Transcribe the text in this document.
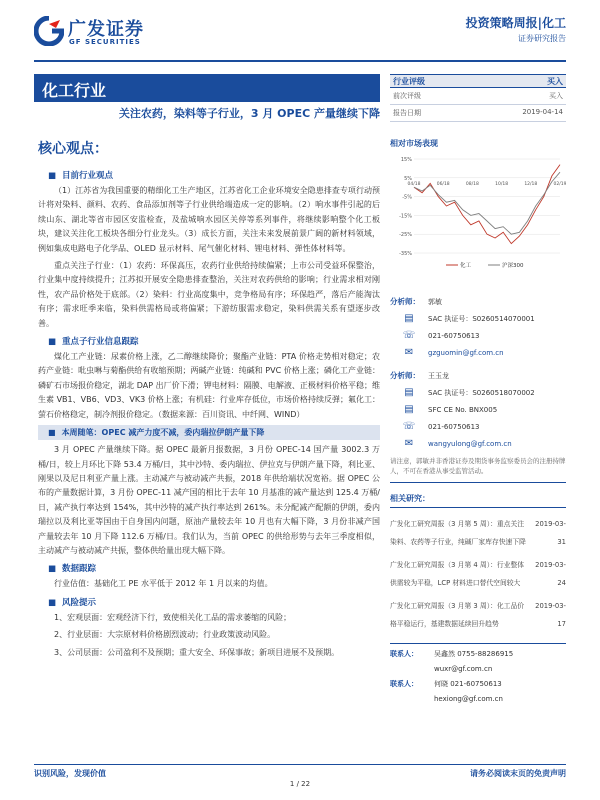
广发证券
GF SECURITIES
投资策略周报|化工
证券研究报告
化工行业
关注农药，染料等子行业，3 月 OPEC 产量继续下降
核心观点：
■ 目前行业观点

（1）江苏省为我国重要的精细化工生产地区，江苏省化工企业环境安全隐患排查专项行动预计将对染料、颜料、农药、食品添加剂等子行业供给端造成一定的影响。（2）响水事件引起的后续山东、湖北等省市园区安监检查，及盐城响水园区关停等系列事件，将继续影响整个化工板块，建议关注化工板块各细分行业龙头。（3）成长方面，关注未来发展前景广阔的新材料领域，例如集成电路电子化学品、OLED 显示材料、尾气催化材料、锂电材料、弹性体材料等。

重点关注子行业：（1）农药：环保高压，农药行业供给持续偏紧；上市公司受益环保整治，行业集中度持续提升；江苏拟开展安全隐患排查整治，关注对农药供给的影响；行业需求相对刚性，农产品价格处于底部。（2）染料：行业高度集中，竞争格局有序；环保趋严，落后产能淘汰有序；需求旺季来临，染料供需格局或将偏紧；下游纺服需求稳定，染料供需关系有望逐步改善。

■ 重点子行业信息跟踪

煤化工产业链：尿素价格上涨，乙二醇继续降价；聚酯产业链：PTA 价格走势相对稳定；农药产业链：吡虫啉与菊酯供给有收缩预期；两碱产业链：纯碱和 PVC 价格上涨；磷化工产业链：磷矿石市场报价稳定，湖北 DAP 出厂价下滑；钾电材料：隔膜、电解液、正极材料价格平稳；维生素 VB1、VB6、VD3、VK3 价格上涨；有机硅：行业库存低位，市场价格持续反弹；氟化工：萤石价格稳定，制冷剂报价稳定。（数据来源：百川资讯、中纤网、WIND）

■ 本周随笔：OPEC 减产力度不减，委内瑞拉伊朗产量下降

3 月 OPEC 产量继续下降。据 OPEC 最新月报数据，3 月份 OPEC-14 国产量 3002.3 万桶/日，较上月环比下降 53.4 万桶/日，其中沙特、委内瑞拉、伊拉克与伊朗产量下降，利比亚、刚果以及尼日利亚产量上涨。主动减产与被动减产共振，2018 年供给端状况宽裕。据 OPEC 公布的产量数据计算，3 月份 OPEC-11 减产国的相比于去年 10 月基准的减产量达到 125.4 万桶/日，减产执行率达到 154%，其中沙特的减产执行率达到 261%。未分配减产配额的伊朗，委内瑞拉以及利比亚等国由于自身国内问题，原油产量较去年 10 月也有大幅下降，3 月份非减产国产量较去年 10 月下降 112.6 万桶/日。我们认为，当前 OPEC 的供给形势与去年三季度相似，主动减产与被动减产共振，整体供给量出现大幅下降。

■ 数据跟踪

行业估值：基础化工 PE 水平低于 2012 年 1 月以来的均值。

■ 风险提示

1、宏观层面：宏观经济下行，致使相关化工品的需求萎缩的风险；

2、行业层面：大宗原材料价格剧烈波动；行业政策波动风险。

3、公司层面：公司盈利不及预期；重大安全、环保事故；新项目进展不及预期。

行业评级	买入
前次评级	买入
报告日期	2019-04-14
相对市场表现
15%
5%
-5%
-15%
-25%
-35%
04/18	06/18	08/18	10/18	12/18	02/19
化工	沪深300
分析师：	郭敏
▤	SAC 执证号：S0260514070001
☏	021-60750613
✉	gzguomin@gf.com.cn
分析师：	王玉龙
▤	SAC 执证号：S0260518070002
▤	SFC CE No. BNX005
☏	021-60750613
✉	wangyulong@gf.com.cn
请注意，郭敏并非香港证券及期货事务监察委员会的注册持牌人，不可在香港从事受监管活动。
相关研究：
广发化工研究周报（3 月第 5 周）：重点关注染料、农药等子行业，纯碱厂家库存快速下降
2019-03-31
广发化工研究周报（3 月第 4 周）：行业整体供需较为平稳，LCP 材料进口替代空间较大
2019-03-24
广发化工研究周报（3 月第 3 周）：化工品价格平稳运行，基建数据延续回升趋势
2019-03-17
联系人：	吴鑫然 0755-88286915
wuxr@gf.com.cn
联系人：	何晓 021-60750613
hexiong@gf.com.cn
识别风险，发现价值	请务必阅读末页的免责声明
1 / 22
